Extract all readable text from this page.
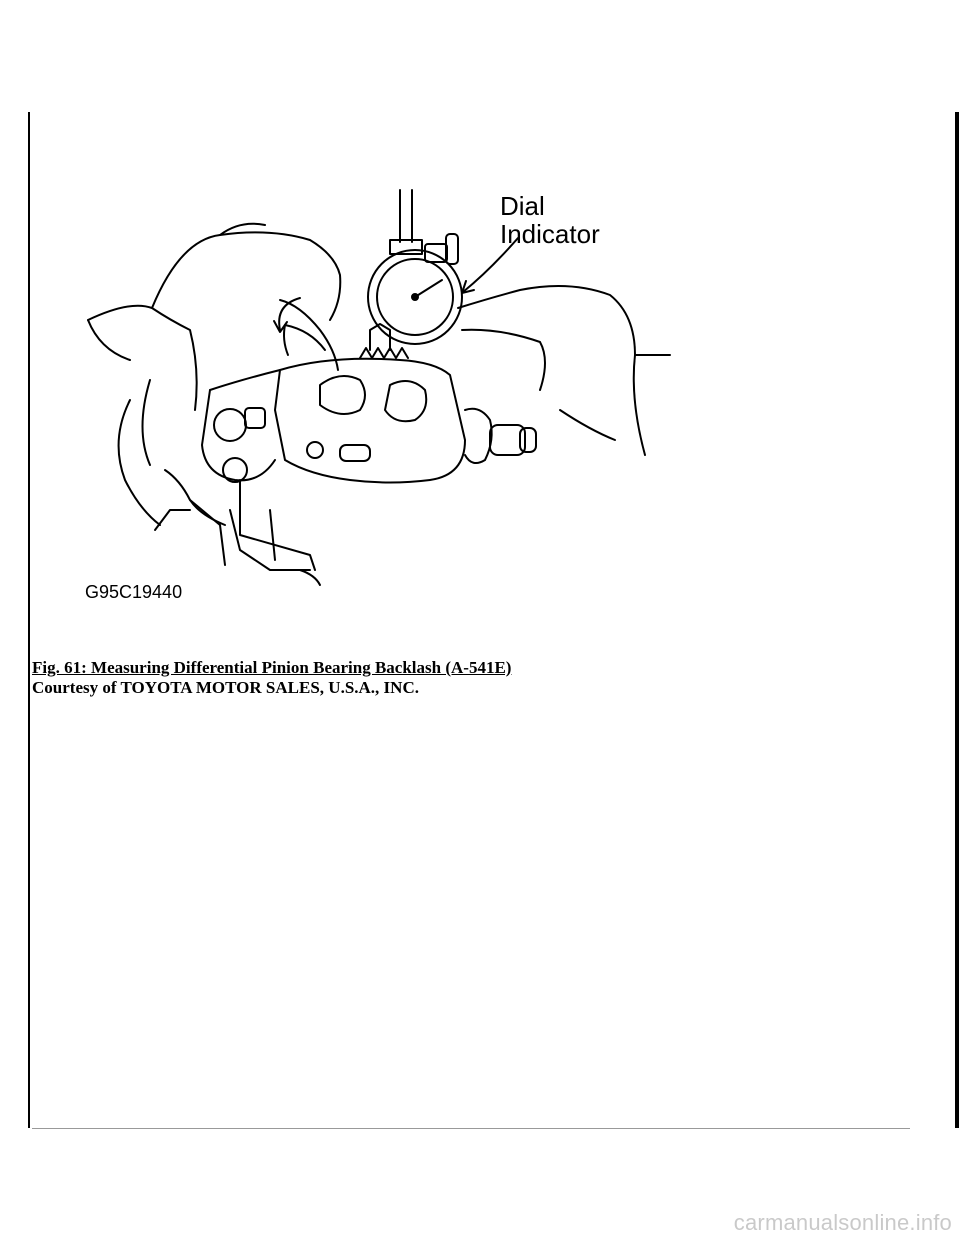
Dial
Indicator
G95C19440
Fig. 61: Measuring Differential Pinion Bearing Backlash (A-541E)
Courtesy of TOYOTA MOTOR SALES, U.S.A., INC.
carmanualsonline.info
